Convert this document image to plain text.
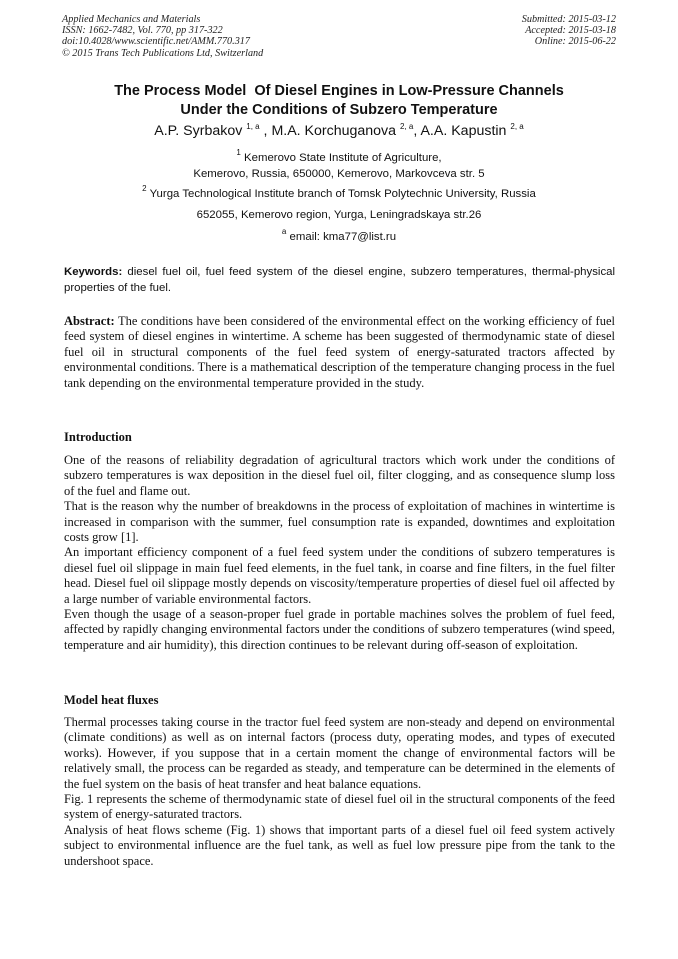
Applied Mechanics and Materials
ISSN: 1662-7482, Vol. 770, pp 317-322
doi:10.4028/www.scientific.net/AMM.770.317
© 2015 Trans Tech Publications Ltd, Switzerland
Submitted: 2015-03-12
Accepted: 2015-03-18
Online: 2015-06-22
The Process Model  Of Diesel Engines in Low-Pressure Channels
Under the Conditions of Subzero Temperature
A.P. Syrbakov $^{1, a}$ , M.A. Korchuganova $^{2, a}$, A.A. Kapustin $^{2, a}$
$^1$ Kemerovo State Institute of Agriculture,
Kemerovo, Russia, 650000, Kemerovo, Markovceva str. 5
$^2$ Yurga Technological Institute branch of Tomsk Polytechnic University, Russia
652055, Kemerovo region, Yurga, Leningradskaya str.26
$^a$ email: kma77@list.ru
Keywords: diesel fuel oil, fuel feed system of the diesel engine, subzero temperatures, thermal-physical properties of the fuel.
Abstract: The conditions have been considered of the environmental effect on the working efficiency of fuel feed system of diesel engines in wintertime. A scheme has been suggested of thermodynamic state of diesel fuel oil in structural components of the fuel feed system of energy-saturated tractors affected by environmental conditions. There is a mathematical description of the temperature changing process in the fuel tank depending on the environmental temperature provided in the study.
Introduction

One of the reasons of reliability degradation of agricultural tractors which work under the conditions of subzero temperatures is wax deposition in the diesel fuel oil, filter clogging, and as consequence slump loss of the fuel and flame out.

That is the reason why the number of breakdowns in the process of exploitation of machines in wintertime is increased in comparison with the summer, fuel consumption rate is expanded, downtimes and exploitation costs grow [1].

An important efficiency component of a fuel feed system under the conditions of subzero temperatures is diesel fuel oil slippage in main fuel feed elements, in the fuel tank, in coarse and fine filters, in the fuel filter head. Diesel fuel oil slippage mostly depends on viscosity/temperature properties of diesel fuel oil affected by a large number of variable environmental factors.

Even though the usage of a season-proper fuel grade in portable machines solves the problem of fuel feed, affected by rapidly changing environmental factors under the conditions of subzero temperatures (wind speed, temperature and air humidity), this direction continues to be relevant during off-season of exploitation.

Model heat fluxes

Thermal processes taking course in the tractor fuel feed system are non-steady and depend on environmental (climate conditions) as well as on internal factors (process duty, operating modes, and types of executed works). However, if you suppose that in a certain moment the change of environmental factors will be relatively small, the process can be regarded as steady, and temperature can be determined in the elements of the fuel system on the basis of heat transfer and heat balance equations.

Fig. 1 represents the scheme of thermodynamic state of diesel fuel oil in the structural components of the feed system of energy-saturated tractors.

Analysis of heat flows scheme (Fig. 1) shows that important parts of a diesel fuel oil feed system actively subject to environmental influence are the fuel tank, as well as fuel low pressure pipe from the tank to the undershoot space.
